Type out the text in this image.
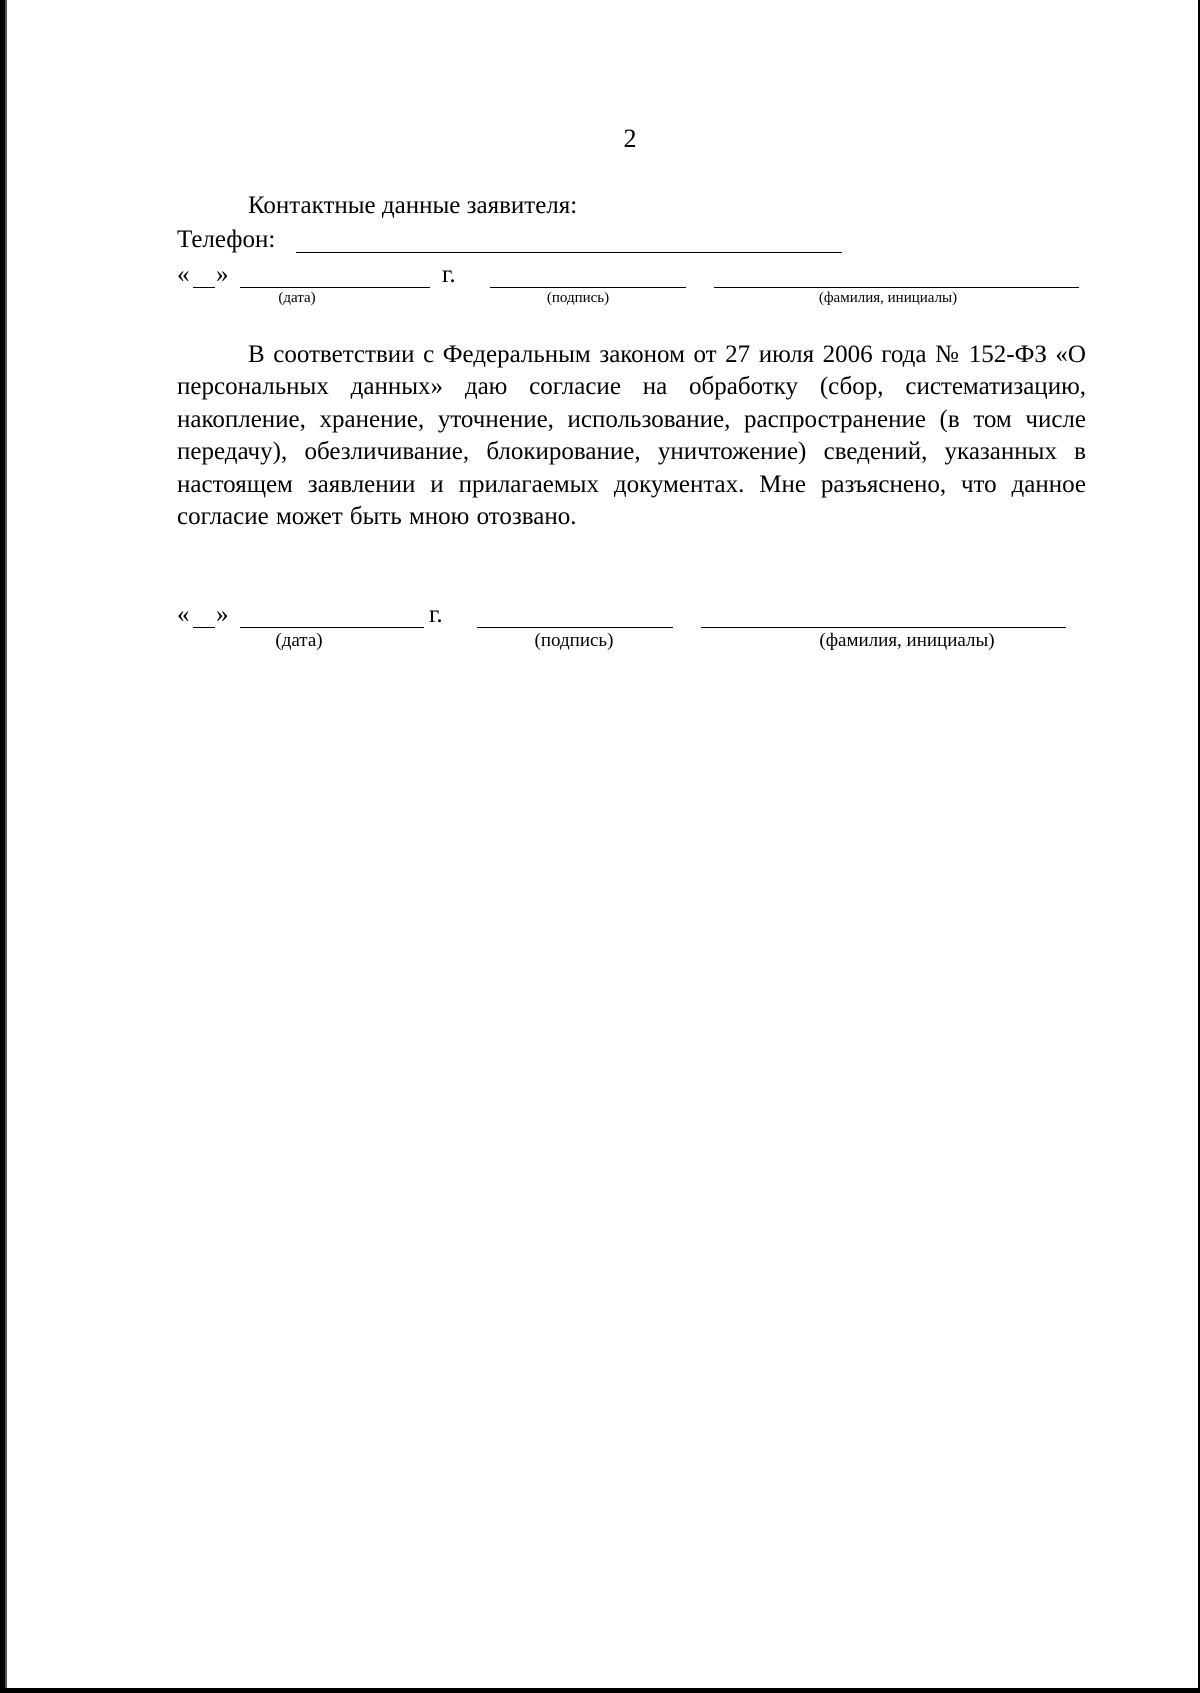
2
Контактные данные заявителя:
Телефон:
« »	г.
(дата)	(подпись)	(фамилия, инициалы)

В соответствии с Федеральным законом от 27 июля 2006 года № 152-ФЗ «О персональных данных» даю согласие на обработку (сбор, систематизацию, накопление, хранение, уточнение, использование, распространение (в том числе передачу), обезличивание, блокирование, уничтожение) сведений, указанных в настоящем заявлении и прилагаемых документах. Мне разъяснено, что данное согласие может быть мною отозвано.

« »	г.
(дата)	(подпись)	(фамилия, инициалы)
